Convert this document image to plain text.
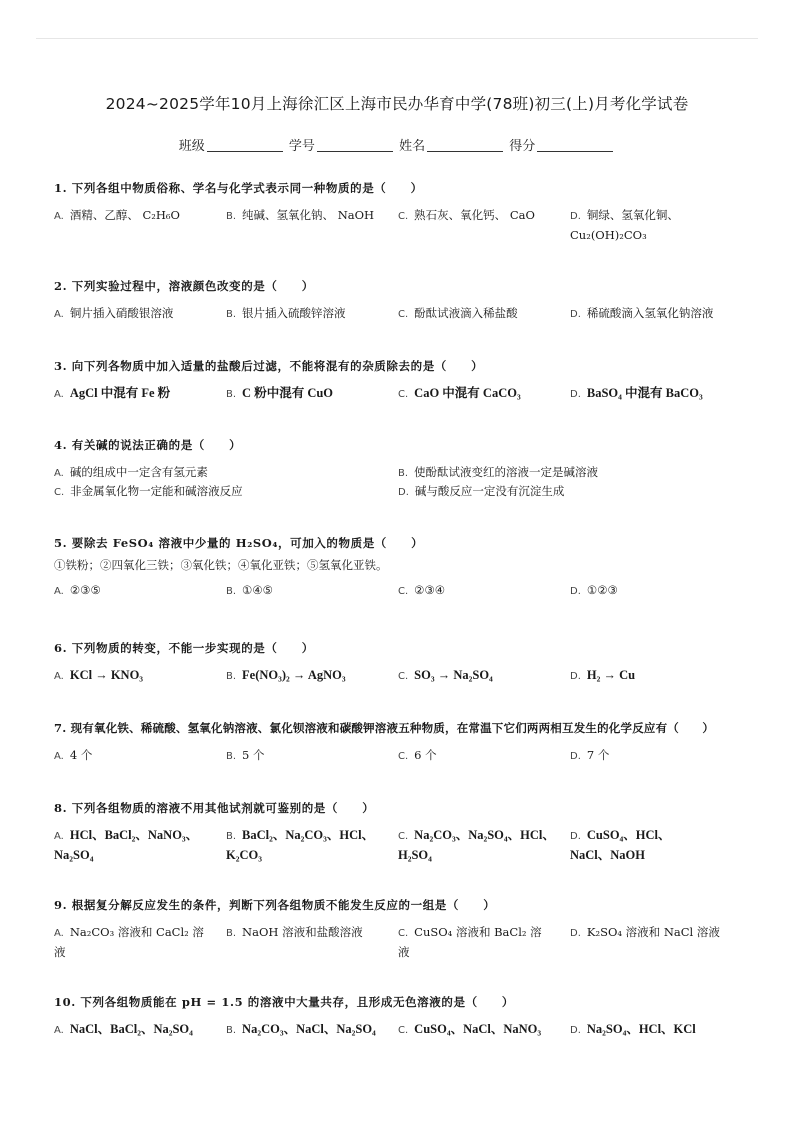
2024~2025学年10月上海徐汇区上海市民办华育中学(78班)初三(上)月考化学试卷
班级	学号	姓名	得分
1. 下列各组中物质俗称、学名与化学式表示同一种物质的是（　　）
A. 酒精、乙醇、 C₂H₆O	B. 纯碱、氢氧化钠、 NaOH	C. 熟石灰、氧化钙、 CaO	D. 铜绿、氢氧化铜、 Cu₂(OH)₂CO₃
2. 下列实验过程中，溶液颜色改变的是（　　）
A. 铜片插入硝酸银溶液	B. 银片插入硫酸锌溶液	C. 酚酞试液滴入稀盐酸	D. 稀硫酸滴入氢氧化钠溶液
3. 向下列各物质中加入适量的盐酸后过滤，不能将混有的杂质除去的是（　　）
A. AgCl 中混有 Fe 粉	B. C 粉中混有 CuO	C. CaO 中混有 CaCO₃	D. BaSO₄ 中混有 BaCO₃
4. 有关碱的说法正确的是（　　）
A. 碱的组成中一定含有氢元素	B. 使酚酞试液变红的溶液一定是碱溶液
C. 非金属氧化物一定能和碱溶液反应	D. 碱与酸反应一定没有沉淀生成
5. 要除去 FeSO₄ 溶液中少量的 H₂SO₄，可加入的物质是（　　）
①铁粉；②四氧化三铁；③氧化铁；④氧化亚铁；⑤氢氧化亚铁。
A. ②③⑤	B. ①④⑤	C. ②③④	D. ①②③
6. 下列物质的转变，不能一步实现的是（　　）
A. KCl → KNO₃	B. Fe(NO₃)₂ → AgNO₃	C. SO₃ → Na₂SO₄	D. H₂ → Cu
7. 现有氧化铁、稀硫酸、氢氧化钠溶液、氯化钡溶液和碳酸钾溶液五种物质，在常温下它们两两相互发生的化学反应有（　　）
A. 4 个	B. 5 个	C. 6 个	D. 7 个
8. 下列各组物质的溶液不用其他试剂就可鉴别的是（　　）
A. HCl、BaCl₂、NaNO₃、Na₂SO₄
B. BaCl₂、Na₂CO₃、HCl、K₂CO₃
C. Na₂CO₃、Na₂SO₄、HCl、H₂SO₄
D. CuSO₄、HCl、NaCl、NaOH
9. 根据复分解反应发生的条件，判断下列各组物质不能发生反应的一组是（　　）
A. Na₂CO₃ 溶液和 CaCl₂ 溶液
B. NaOH 溶液和盐酸溶液	C. CuSO₄ 溶液和 BaCl₂ 溶液
D. K₂SO₄ 溶液和 NaCl 溶液
10. 下列各组物质能在 pH = 1.5 的溶液中大量共存，且形成无色溶液的是（　　）
A. NaCl、BaCl₂、Na₂SO₄	B. Na₂CO₃、NaCl、Na₂SO₄	C. CuSO₄、NaCl、NaNO₃	D. Na₂SO₄、HCl、KCl
